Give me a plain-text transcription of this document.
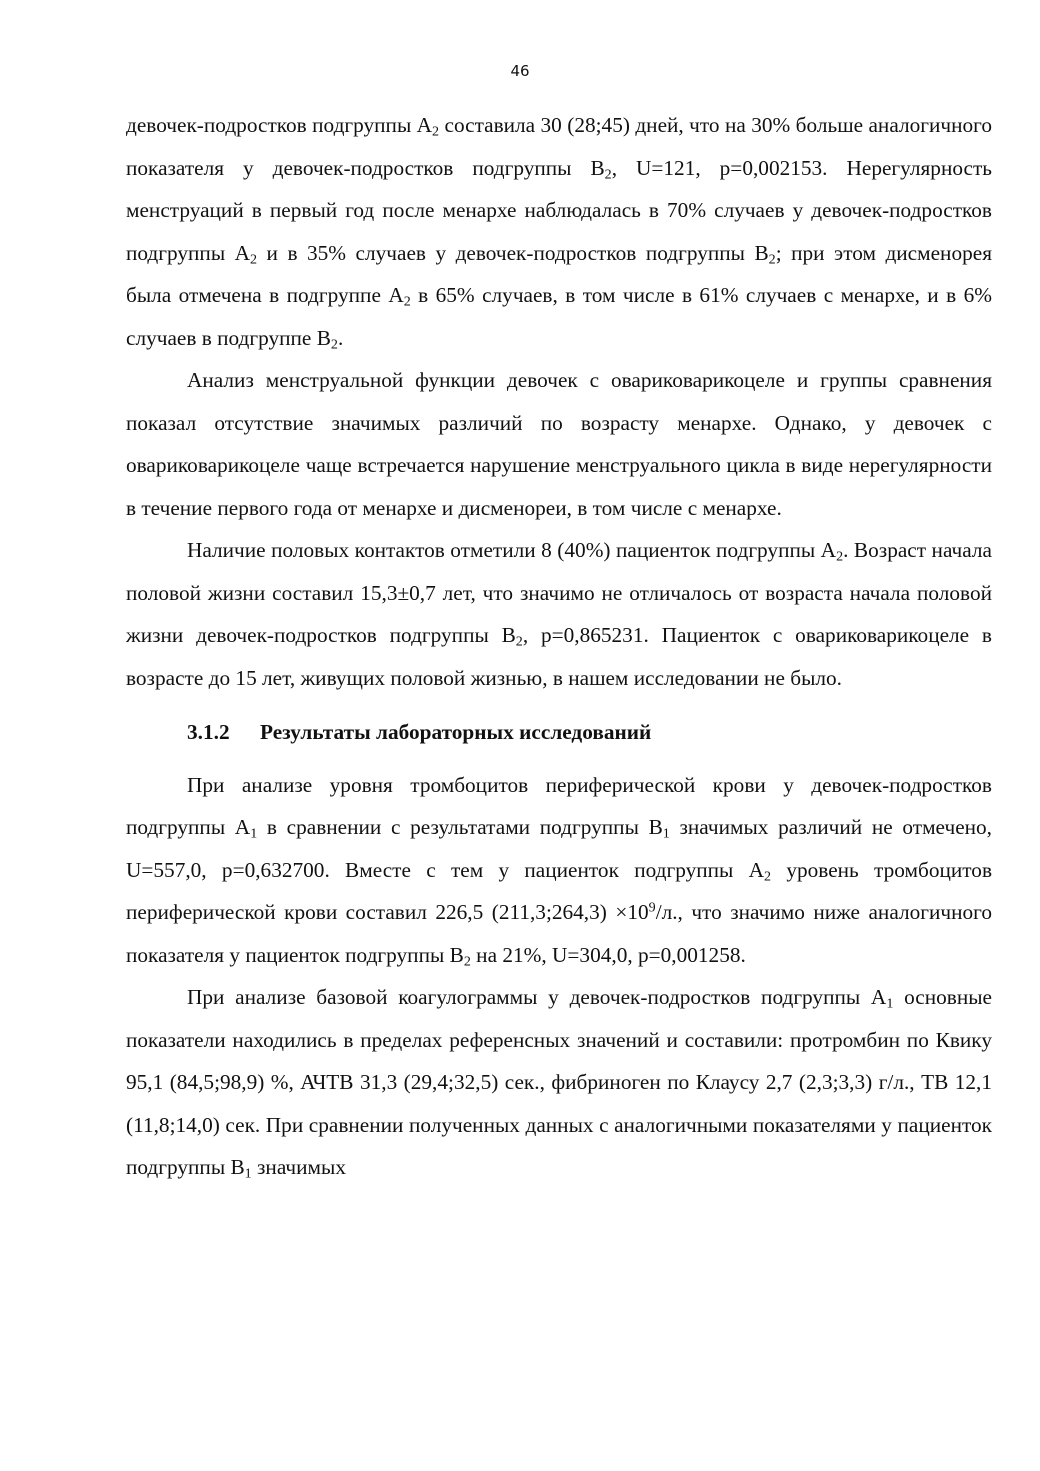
46

девочек-подростков подгруппы $А_2$ составила 30 (28;45) дней, что на 30% больше аналогичного показателя у девочек-подростков подгруппы $В_2$, U=121, p=0,002153. Нерегулярность менструаций в первый год после менархе наблюдалась в 70% случаев у девочек-подростков подгруппы $А_2$ и в 35% случаев у девочек-подростков подгруппы $В_2$; при этом дисменорея была отмечена в подгруппе $А_2$ в 65% случаев, в том числе в 61% случаев с менархе, и в 6% случаев в подгруппе $В_2$.

Анализ менструальной функции девочек с овариковарикоцеле и группы сравнения показал отсутствие значимых различий по возрасту менархе. Однако, у девочек с овариковарикоцеле чаще встречается нарушение менструального цикла в виде нерегулярности в течение первого года от менархе и дисменореи, в том числе с менархе.

Наличие половых контактов отметили 8 (40%) пациенток подгруппы $А_2$. Возраст начала половой жизни составил 15,3±0,7 лет, что значимо не отличалось от возраста начала половой жизни девочек-подростков подгруппы $В_2$, p=0,865231. Пациенток с овариковарикоцеле в возрасте до 15 лет, живущих половой жизнью, в нашем исследовании не было.

3.1.2 Результаты лабораторных исследований

При анализе уровня тромбоцитов периферической крови у девочек-подростков подгруппы $А_1$ в сравнении с результатами подгруппы $В_1$ значимых различий не отмечено, U=557,0, p=0,632700. Вместе с тем у пациенток подгруппы $А_2$ уровень тромбоцитов периферической крови составил 226,5 (211,3;264,3) $\times 10^9/л$., что значимо ниже аналогичного показателя у пациенток подгруппы $В_2$ на 21%, U=304,0, p=0,001258.

При анализе базовой коагулограммы у девочек-подростков подгруппы $А_1$ основные показатели находились в пределах референсных значений и составили: протромбин по Квику 95,1 (84,5;98,9) %, АЧТВ 31,3 (29,4;32,5) сек., фибриноген по Клаусу 2,7 (2,3;3,3) г/л., ТВ 12,1 (11,8;14,0) сек. При сравнении полученных данных с аналогичными показателями у пациенток подгруппы $В_1$ значимых
